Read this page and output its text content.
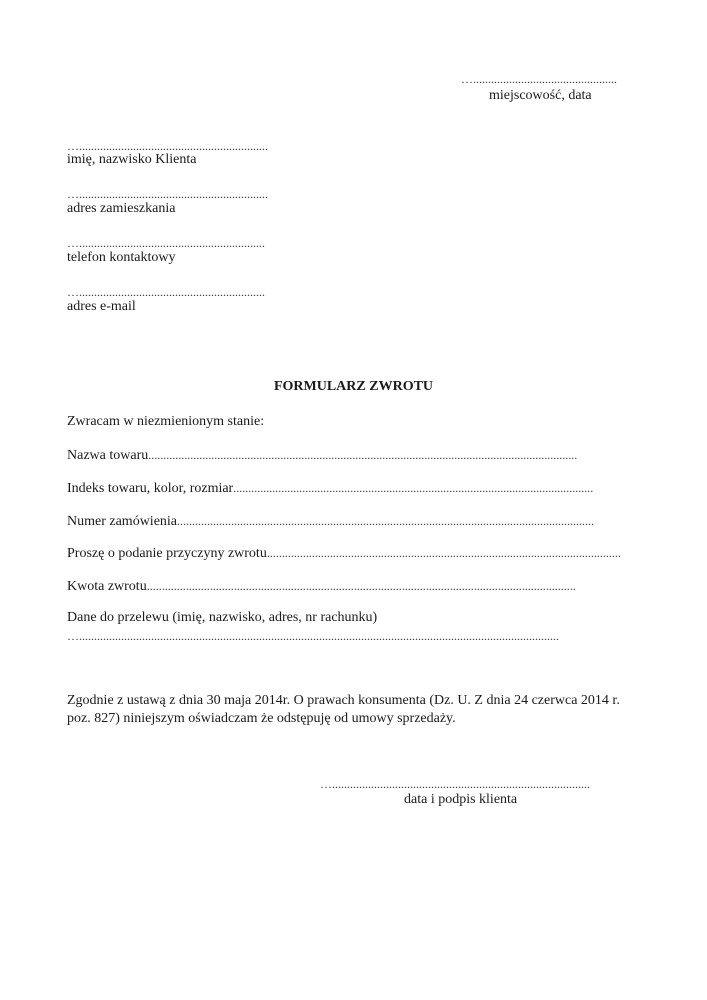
…................................................
miejscowość, data
…...............................................................
imię, nazwisko Klienta
…...............................................................
adres zamieszkania
…..............................................................
telefon kontaktowy
…..............................................................
adres e-mail
FORMULARZ ZWROTU
Zwracam w niezmienionym stanie:
Nazwa towaru...............................................................................................................................................
Indeks towaru, kolor, rozmiar........................................................................................................................
Numer zamówienia...........................................................................................................................................
Proszę o podanie przyczyny zwrotu......................................................................................................................
Kwota zwrotu...............................................................................................................................................
Dane do przelewu (imię, nazwisko, adres, nr rachunku)
…................................................................................................................................................................
Zgodnie z ustawą z dnia 30 maja 2014r. O prawach konsumenta (Dz. U. Z dnia 24 czerwca 2014 r. poz. 827) niniejszym oświadczam że odstępuję od umowy sprzedaży.
…......................................................................................
data i podpis klienta
